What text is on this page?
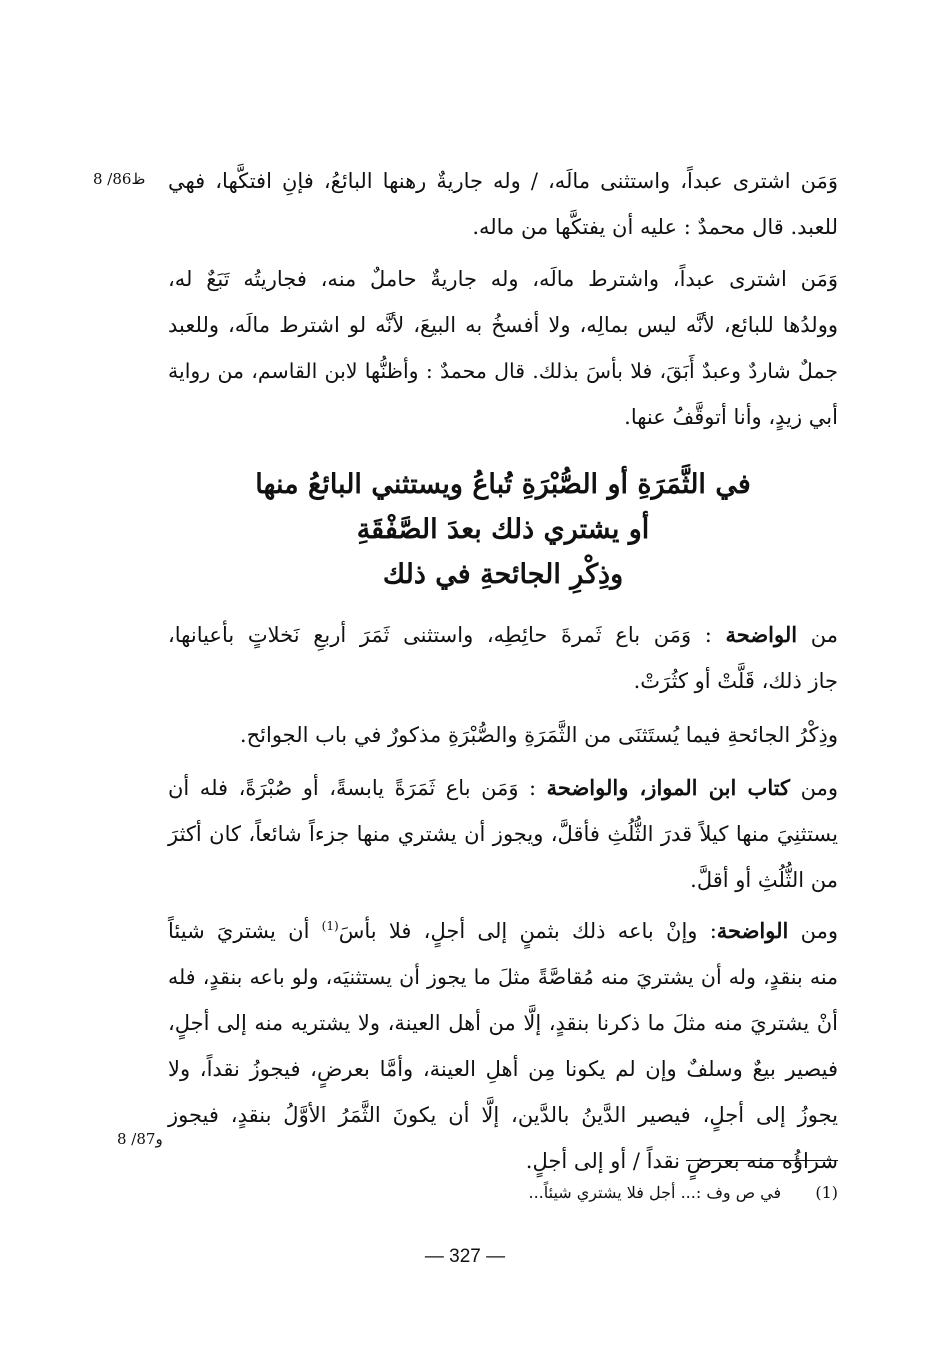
8 /86ظ وَمَن اشترى عبداً، واستثنى مالَه، / وله جاريةٌ رهنها البائعُ، فإنِ افتكَّها، فهي
للعبد. قال محمدٌ : عليه أن يفتكَّها من ماله.
وَمَن اشترى عبداً، واشترط مالَه، وله جاريةٌ حاملٌ منه، فجاريتُه تَبَعٌ له،
وولدُها للبائع، لأنَّه ليس بمالِه، ولا أفسخُ به البيعَ، لأنَّه لو اشترط مالَه، وللعبد
جملٌ شاردٌ وعبدٌ أَبَقَ، فلا بأسَ بذلك. قال محمدٌ : وأظنُّها لابن القاسم، من رواية
أبي زيدٍ، وأنا أتوقَّفُ عنها.
في الثَّمَرَةِ أو الصُّبْرَةِ تُباعُ ويستثني البائعُ منها
أو يشتري ذلك بعدَ الصَّفْقَةِ
وذِكْرِ الجائحةِ في ذلك
من الواضحة : وَمَن باع ثَمرةَ حائِطِه، واستثنى ثَمَرَ أربعِ نَخلاتٍ بأعيانها،
جاز ذلك، قَلَّتْ أو كثُرَتْ.
وذِكْرُ الجائحةِ فيما يُستَثنَى من الثَّمَرَةِ والصُّبْرَةِ مذكورٌ في باب الجوائح.
ومن كتاب ابن المواز، والواضحة : وَمَن باع ثَمَرَةً يابسةً، أو صُبْرَةً، فله أن
يستثنِيَ منها كيلاً قدرَ الثُّلُثِ فأقلَّ، ويجوز أن يشتري منها جزءاً شائعاً، كان أكثرَ
من الثُّلُثِ أو أقلَّ.
ومن الواضحة: وإنْ باعه ذلك بثمنٍ إلى أجلٍ، فلا بأسَ$^{(1)}$ أن يشتريَ شيئاً
منه بنقدٍ، وله أن يشتريَ منه مُقاصَّةً مثلَ ما يجوز أن يستثنيَه، ولو باعه بنقدٍ، فله
أنْ يشتريَ منه مثلَ ما ذكرنا بنقدٍ، إلَّا من أهل العينة، ولا يشتريه منه إلى أجلٍ،
فيصير بيعٌ وسلفٌ وإن لم يكونا مِن أهلِ العينة، وأمَّا بعرضٍ، فيجوزُ نقداً، ولا
يجوزُ إلى أجلٍ، فيصير الدَّينُ بالدَّين، إلَّا أن يكونَ الثَّمَرُ الأوَّلُ بنقدٍ، فيجوز
شراؤُه منه بعرضٍ نقداً / أو إلى أجلٍ.
8 /87و
(1)  في ص وف :... أجل فلا يشتري شيئاً...
— 327 —
